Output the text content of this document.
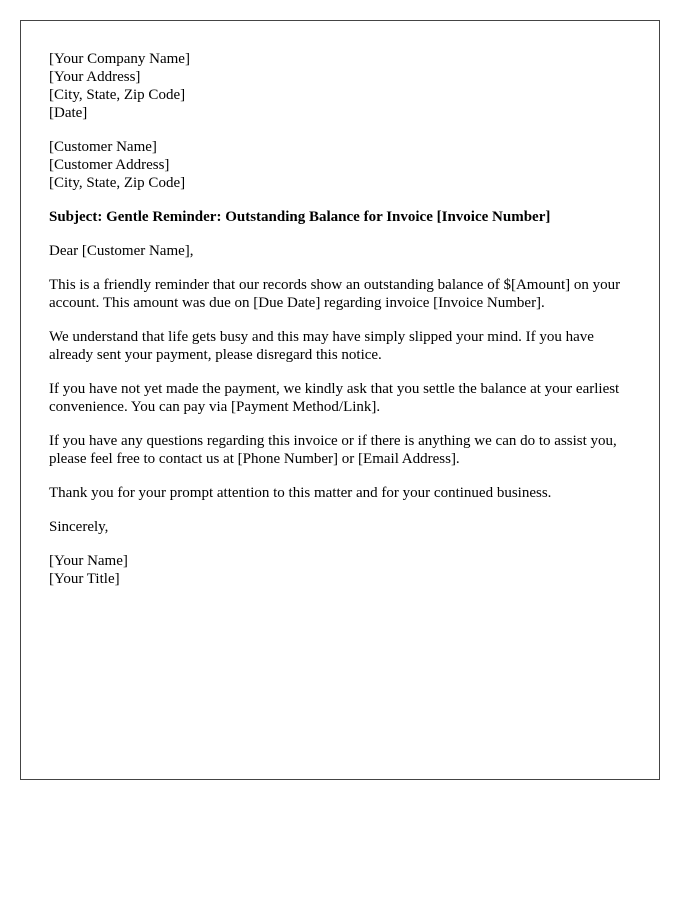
[Your Company Name]
[Your Address]
[City, State, Zip Code]
[Date]
[Customer Name]
[Customer Address]
[City, State, Zip Code]

Subject: Gentle Reminder: Outstanding Balance for Invoice [Invoice Number]

Dear [Customer Name],

This is a friendly reminder that our records show an outstanding balance of $[Amount] on your account. This amount was due on [Due Date] regarding invoice [Invoice Number].

We understand that life gets busy and this may have simply slipped your mind. If you have already sent your payment, please disregard this notice.

If you have not yet made the payment, we kindly ask that you settle the balance at your earliest convenience. You can pay via [Payment Method/Link].

If you have any questions regarding this invoice or if there is anything we can do to assist you, please feel free to contact us at [Phone Number] or [Email Address].

Thank you for your prompt attention to this matter and for your continued business.

Sincerely,

[Your Name]
[Your Title]
